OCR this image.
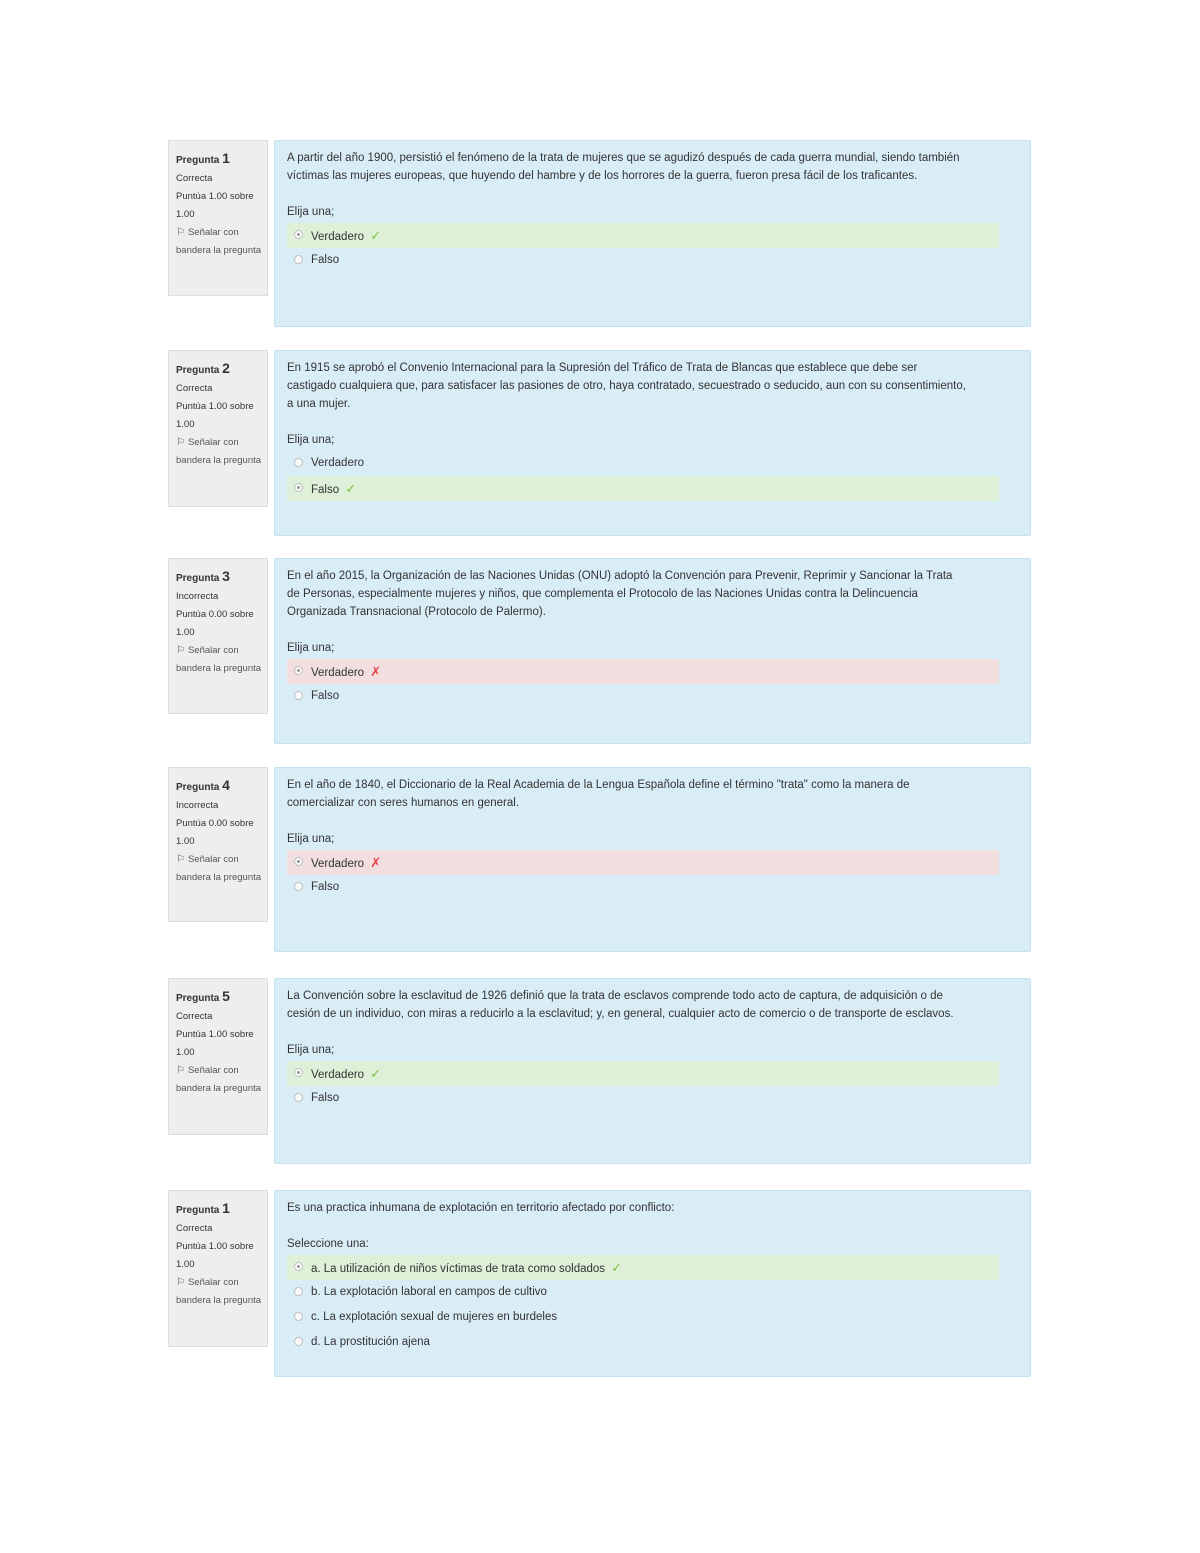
Pregunta 1
Correcta
Puntúa 1.00 sobre 1.00
⚐ Señalar con bandera la pregunta

A partir del año 1900, persistió el fenómeno de la trata de mujeres que se agudizó después de cada guerra mundial, siendo también víctimas las mujeres europeas, que huyendo del hambre y de los horrores de la guerra, fueron presa fácil de los traficantes.

Elija una;
Verdadero ✓
Falso
Pregunta 2
Correcta
Puntúa 1.00 sobre 1.00
⚐ Señalar con bandera la pregunta

En 1915 se aprobó el Convenio Internacional para la Supresión del Tráfico de Trata de Blancas que establece que debe ser castigado cualquiera que, para satisfacer las pasiones de otro, haya contratado, secuestrado o seducido, aun con su consentimiento, a una mujer.

Elija una;
Verdadero
Falso ✓
Pregunta 3
Incorrecta
Puntúa 0.00 sobre 1.00
⚐ Señalar con bandera la pregunta

En el año 2015, la Organización de las Naciones Unidas (ONU) adoptó la Convención para Prevenir, Reprimir y Sancionar la Trata de Personas, especialmente mujeres y niños, que complementa el Protocolo de las Naciones Unidas contra la Delincuencia Organizada Transnacional (Protocolo de Palermo).

Elija una;
Verdadero ✗
Falso
Pregunta 4
Incorrecta
Puntúa 0.00 sobre 1.00
⚐ Señalar con bandera la pregunta

En el año de 1840, el Diccionario de la Real Academia de la Lengua Española define el término "trata" como la manera de comercializar con seres humanos en general.

Elija una;
Verdadero ✗
Falso
Pregunta 5
Correcta
Puntúa 1.00 sobre 1.00
⚐ Señalar con bandera la pregunta

La Convención sobre la esclavitud de 1926 definió que la trata de esclavos comprende todo acto de captura, de adquisición o de cesión de un individuo, con miras a reducirlo a la esclavitud; y, en general, cualquier acto de comercio o de transporte de esclavos.

Elija una;
Verdadero ✓
Falso
Pregunta 1
Correcta
Puntúa 1.00 sobre 1.00
⚐ Señalar con bandera la pregunta

Es una practica inhumana de explotación en territorio afectado por conflicto:

Seleccione una:
a. La utilización de niños víctimas de trata como soldados ✓
b. La explotación laboral en campos de cultivo
c. La explotación sexual de mujeres en burdeles
d. La prostitución ajena
